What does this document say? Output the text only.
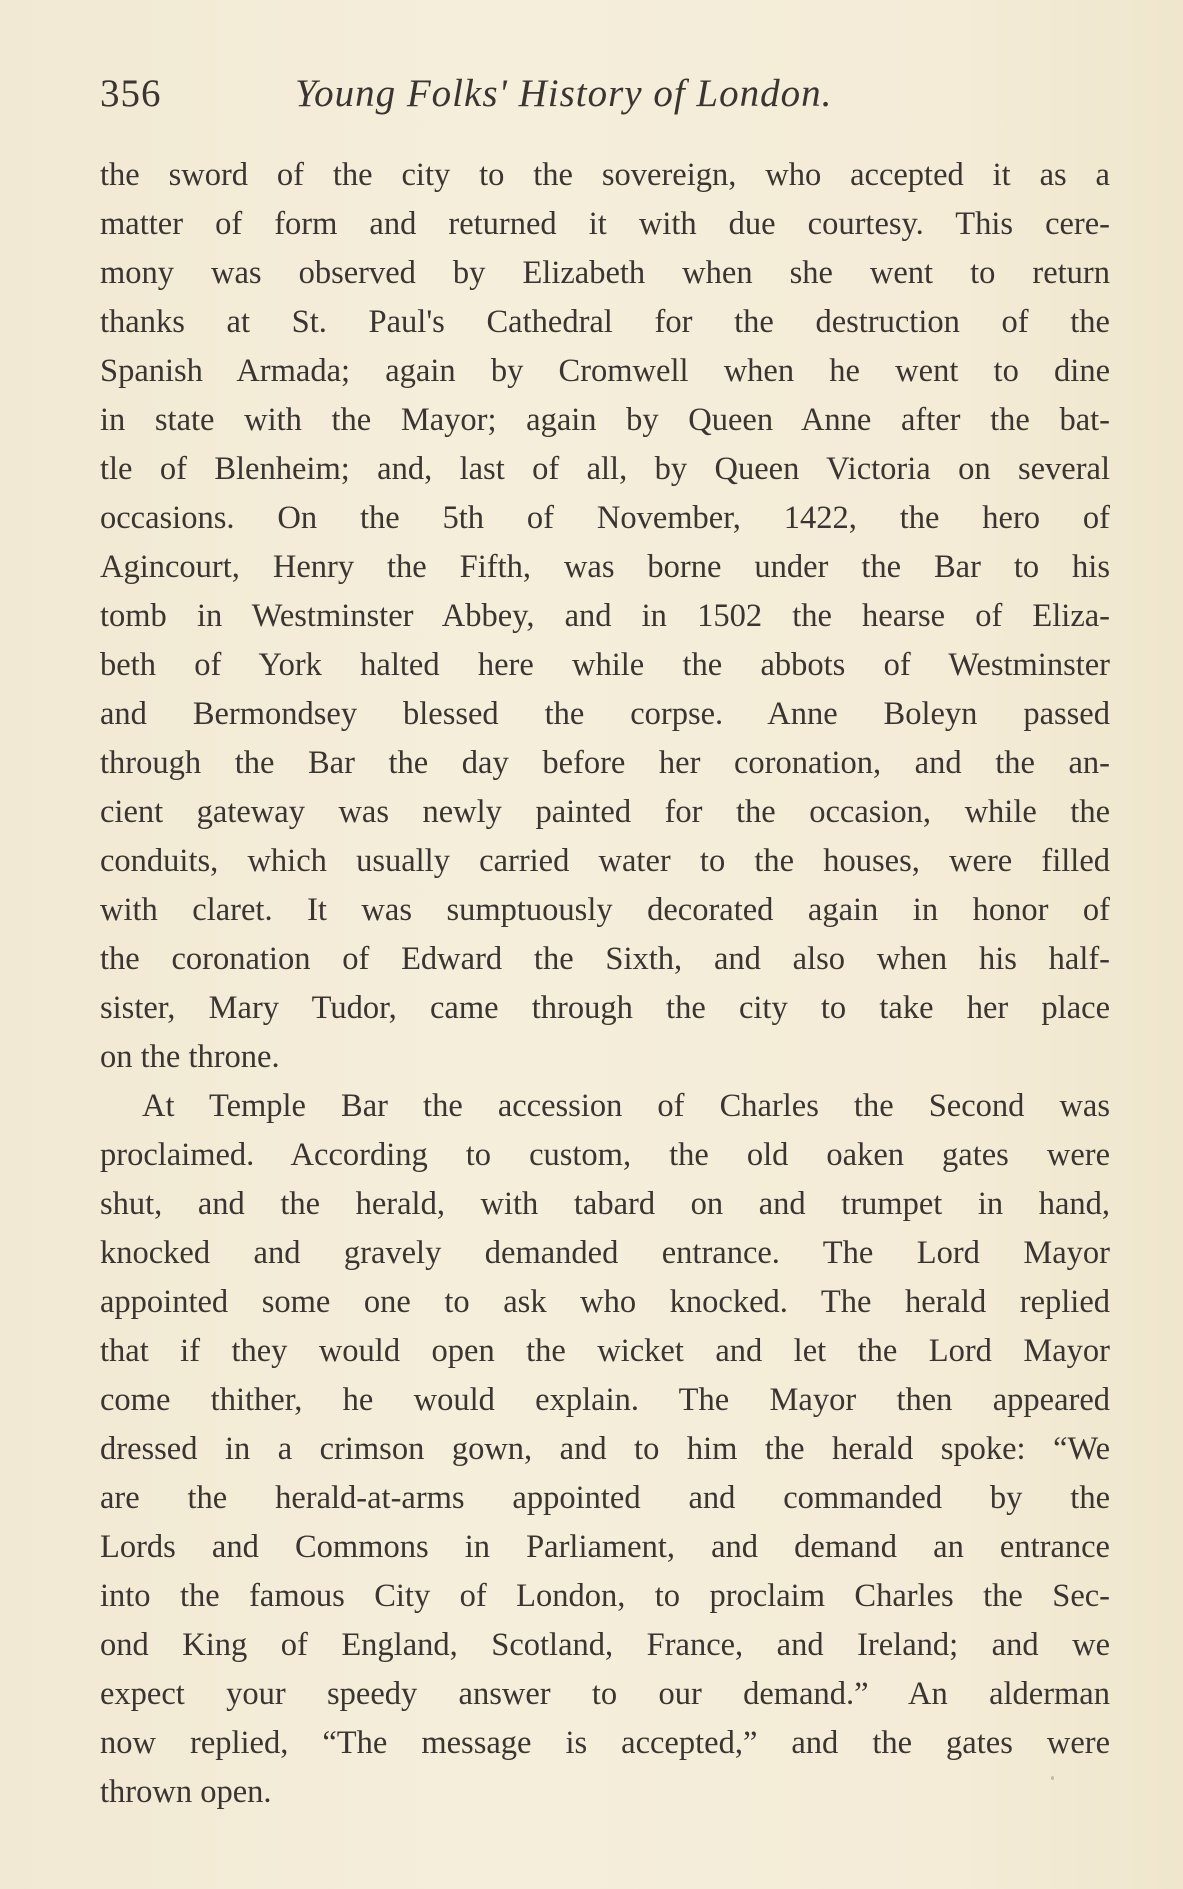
356	Young Folks' History of London.
the sword of the city to the sovereign, who accepted it as a
matter of form and returned it with due courtesy. This cere-
mony was observed by Elizabeth when she went to return
thanks at St. Paul's Cathedral for the destruction of the
Spanish Armada; again by Cromwell when he went to dine
in state with the Mayor; again by Queen Anne after the bat-
tle of Blenheim; and, last of all, by Queen Victoria on several
occasions. On the 5th of November, 1422, the hero of
Agincourt, Henry the Fifth, was borne under the Bar to his
tomb in Westminster Abbey, and in 1502 the hearse of Eliza-
beth of York halted here while the abbots of Westminster
and Bermondsey blessed the corpse. Anne Boleyn passed
through the Bar the day before her coronation, and the an-
cient gateway was newly painted for the occasion, while the
conduits, which usually carried water to the houses, were filled
with claret. It was sumptuously decorated again in honor of
the coronation of Edward the Sixth, and also when his half-
sister, Mary Tudor, came through the city to take her place
on the throne.
At Temple Bar the accession of Charles the Second was
proclaimed. According to custom, the old oaken gates were
shut, and the herald, with tabard on and trumpet in hand,
knocked and gravely demanded entrance. The Lord Mayor
appointed some one to ask who knocked. The herald replied
that if they would open the wicket and let the Lord Mayor
come thither, he would explain. The Mayor then appeared
dressed in a crimson gown, and to him the herald spoke: “We
are the herald-at-arms appointed and commanded by the
Lords and Commons in Parliament, and demand an entrance
into the famous City of London, to proclaim Charles the Sec-
ond King of England, Scotland, France, and Ireland; and we
expect your speedy answer to our demand.” An alderman
now replied, “The message is accepted,” and the gates were
thrown open.
